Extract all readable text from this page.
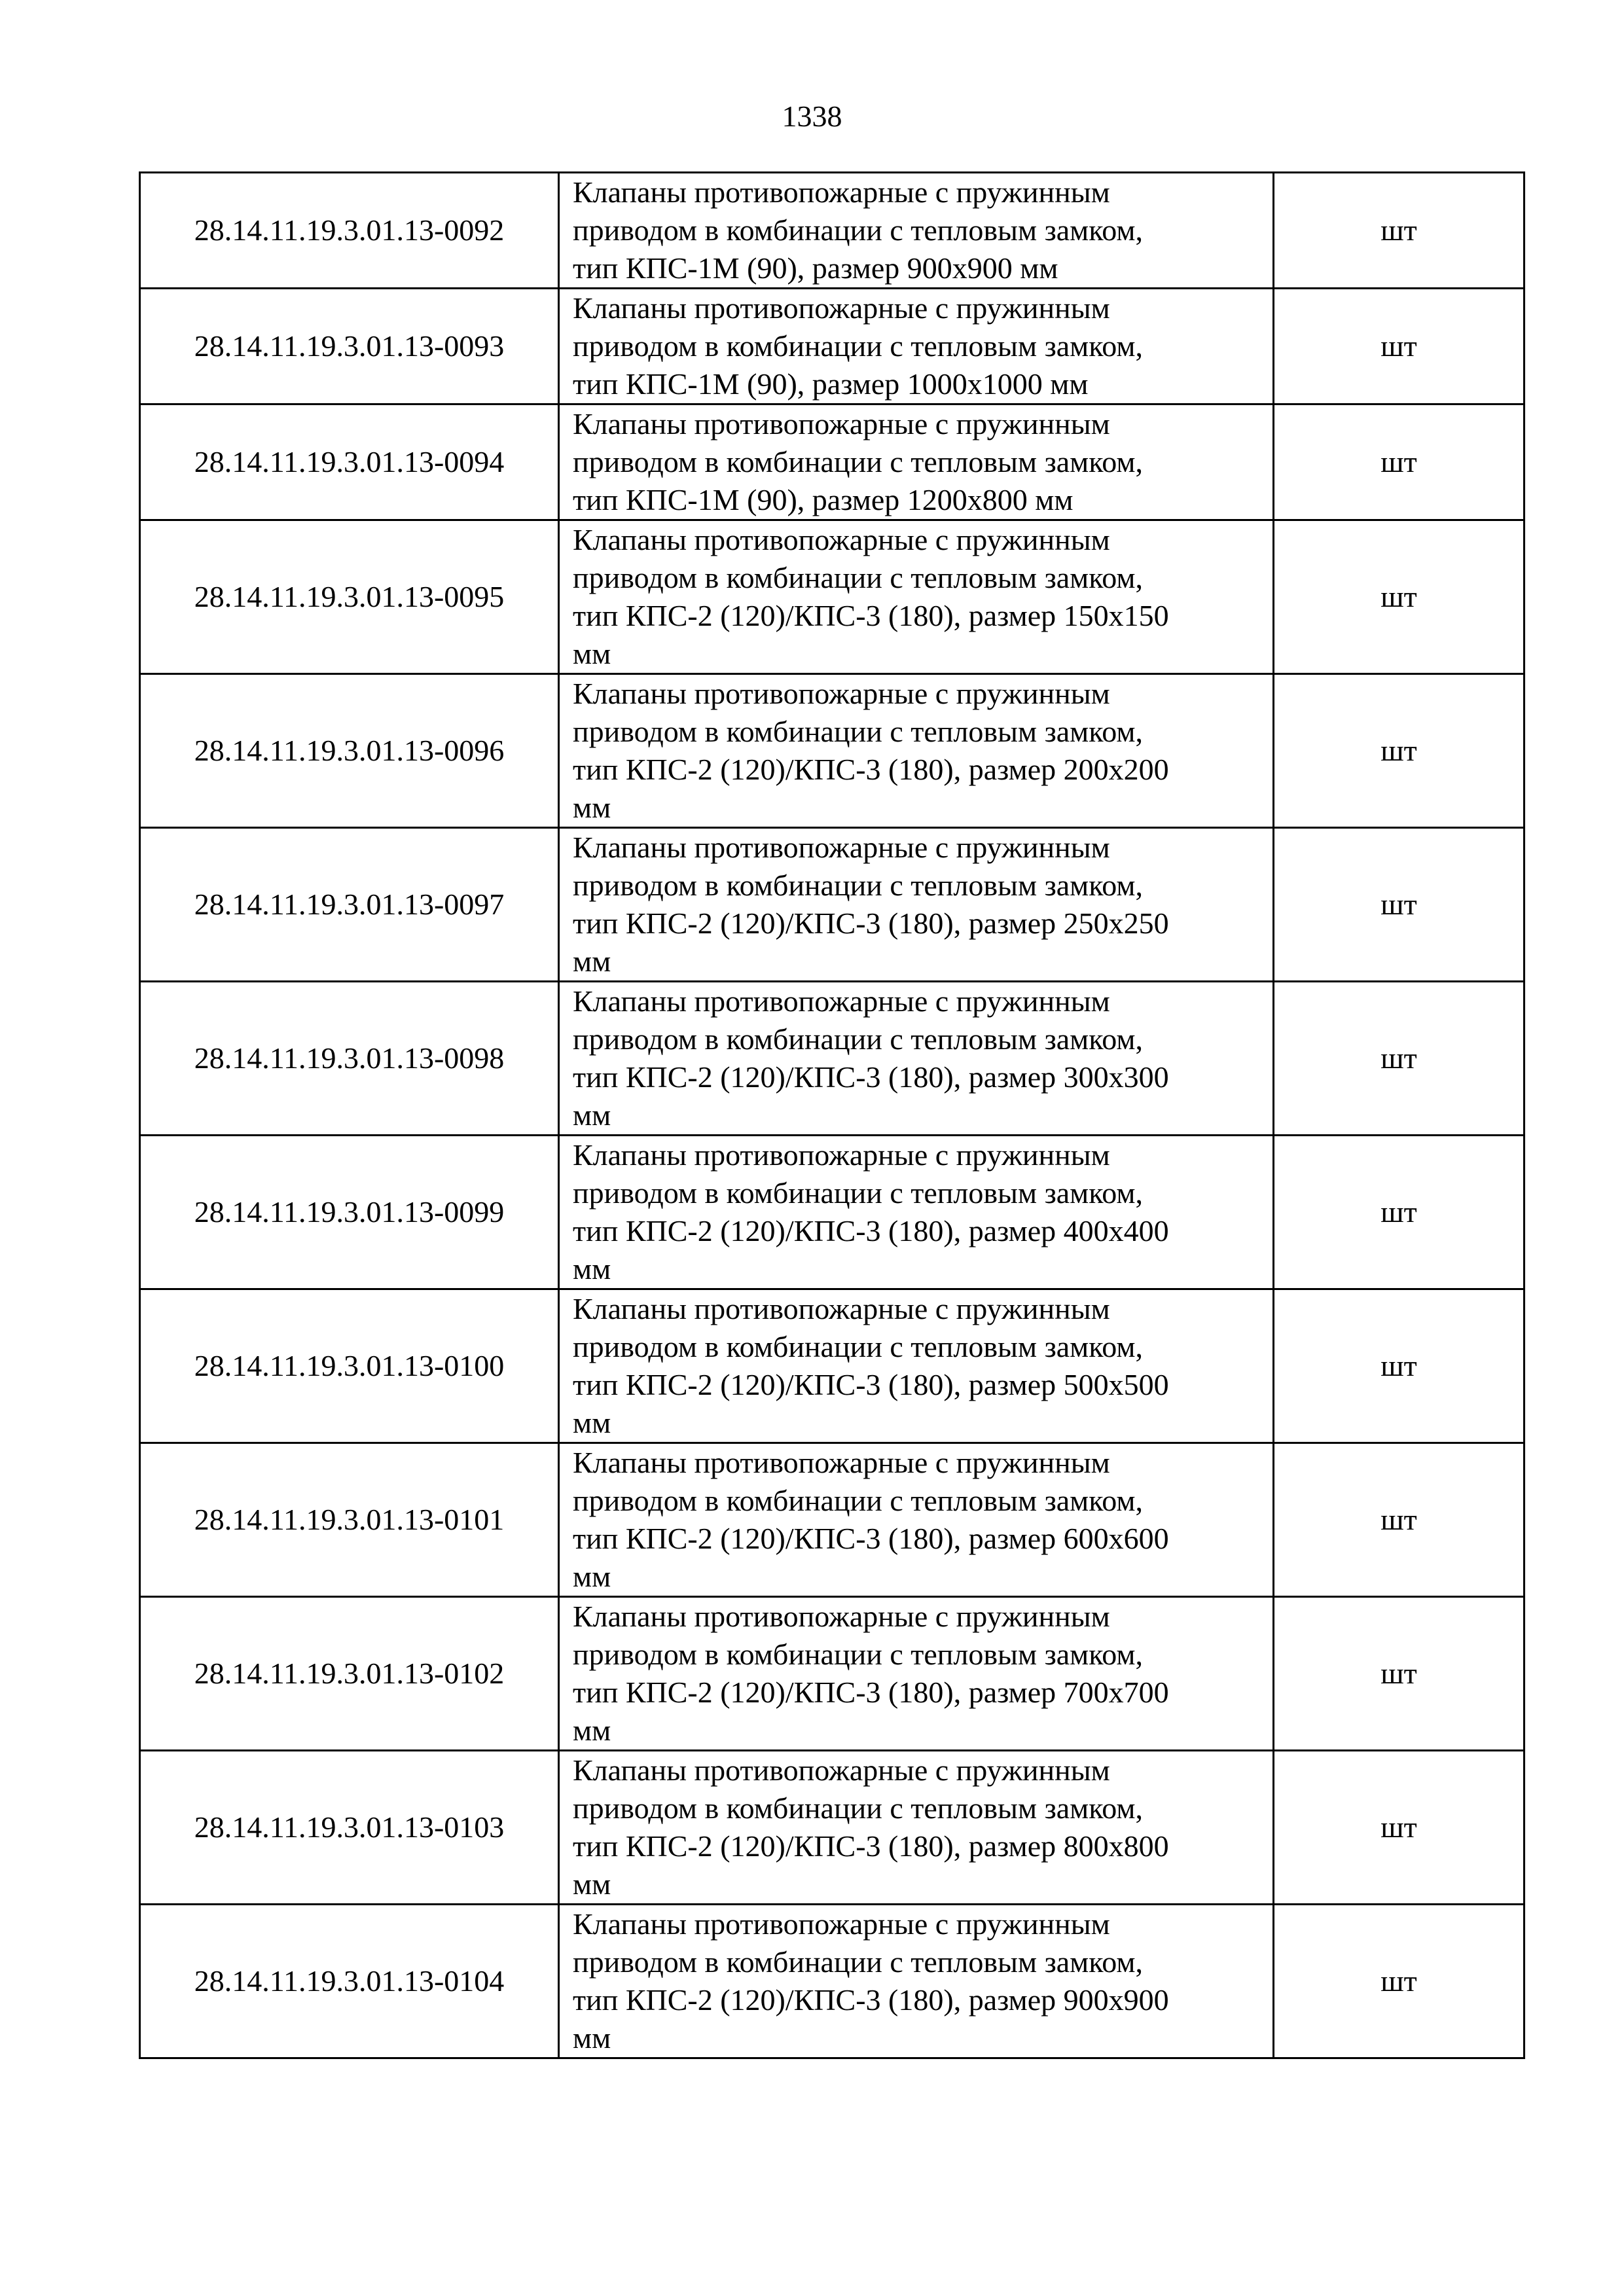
1338
28.14.11.19.3.01.13-0092	Клапаны противопожарные с пружинным
приводом в комбинации с тепловым замком,
тип КПС-1М (90), размер 900х900 мм	шт
28.14.11.19.3.01.13-0093	Клапаны противопожарные с пружинным
приводом в комбинации с тепловым замком,
тип КПС-1М (90), размер 1000х1000 мм	шт
28.14.11.19.3.01.13-0094	Клапаны противопожарные с пружинным
приводом в комбинации с тепловым замком,
тип КПС-1М (90), размер 1200х800 мм	шт
28.14.11.19.3.01.13-0095	Клапаны противопожарные с пружинным
приводом в комбинации с тепловым замком,
тип КПС-2 (120)/КПС-3 (180), размер 150х150
мм	шт
28.14.11.19.3.01.13-0096	Клапаны противопожарные с пружинным
приводом в комбинации с тепловым замком,
тип КПС-2 (120)/КПС-3 (180), размер 200х200
мм	шт
28.14.11.19.3.01.13-0097	Клапаны противопожарные с пружинным
приводом в комбинации с тепловым замком,
тип КПС-2 (120)/КПС-3 (180), размер 250х250
мм	шт
28.14.11.19.3.01.13-0098	Клапаны противопожарные с пружинным
приводом в комбинации с тепловым замком,
тип КПС-2 (120)/КПС-3 (180), размер 300х300
мм	шт
28.14.11.19.3.01.13-0099	Клапаны противопожарные с пружинным
приводом в комбинации с тепловым замком,
тип КПС-2 (120)/КПС-3 (180), размер 400х400
мм	шт
28.14.11.19.3.01.13-0100	Клапаны противопожарные с пружинным
приводом в комбинации с тепловым замком,
тип КПС-2 (120)/КПС-3 (180), размер 500х500
мм	шт
28.14.11.19.3.01.13-0101	Клапаны противопожарные с пружинным
приводом в комбинации с тепловым замком,
тип КПС-2 (120)/КПС-3 (180), размер 600х600
мм	шт
28.14.11.19.3.01.13-0102	Клапаны противопожарные с пружинным
приводом в комбинации с тепловым замком,
тип КПС-2 (120)/КПС-3 (180), размер 700х700
мм	шт
28.14.11.19.3.01.13-0103	Клапаны противопожарные с пружинным
приводом в комбинации с тепловым замком,
тип КПС-2 (120)/КПС-3 (180), размер 800х800
мм	шт
28.14.11.19.3.01.13-0104	Клапаны противопожарные с пружинным
приводом в комбинации с тепловым замком,
тип КПС-2 (120)/КПС-3 (180), размер 900х900
мм	шт
